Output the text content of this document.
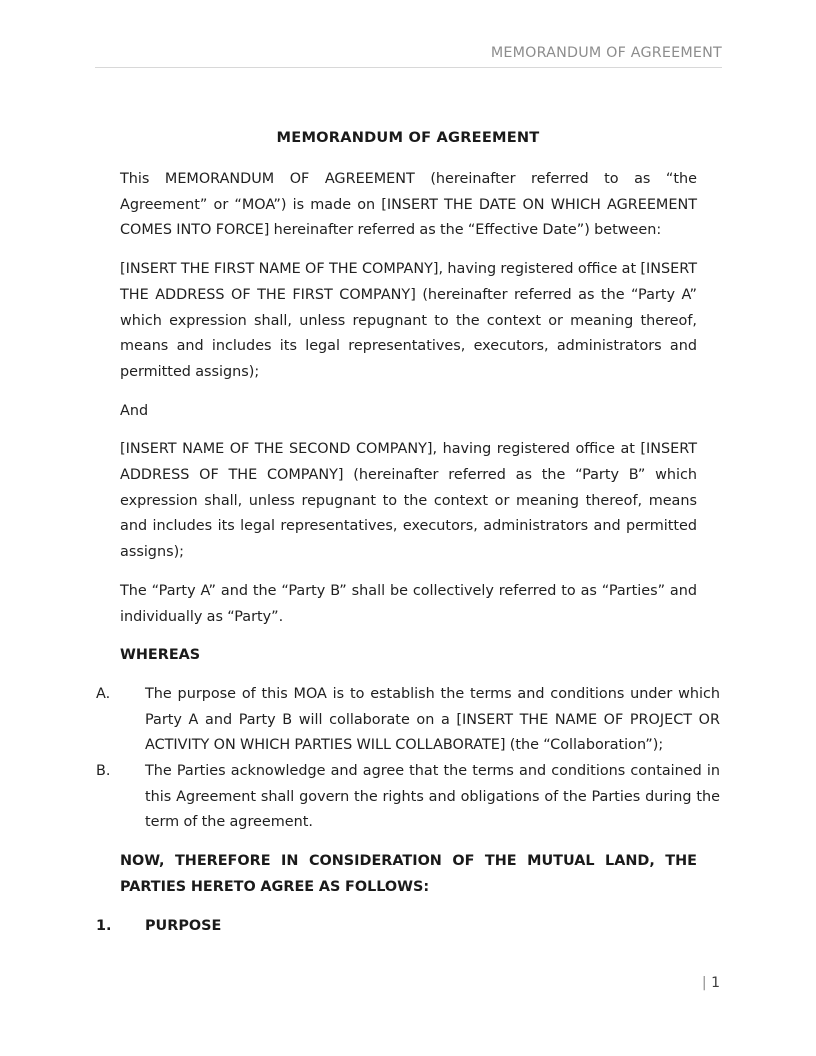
MEMORANDUM OF AGREEMENT
MEMORANDUM OF AGREEMENT

This MEMORANDUM OF AGREEMENT (hereinafter referred to as “the Agreement” or “MOA”) is made on [INSERT THE DATE ON WHICH AGREEMENT COMES INTO FORCE] hereinafter referred as the “Effective Date”) between:

[INSERT THE FIRST NAME OF THE COMPANY], having registered office at [INSERT THE ADDRESS OF THE FIRST COMPANY] (hereinafter referred as the “Party A” which expression shall, unless repugnant to the context or meaning thereof, means and includes its legal representatives, executors, administrators and permitted assigns);

And

[INSERT NAME OF THE SECOND COMPANY], having registered office at [INSERT ADDRESS OF THE COMPANY] (hereinafter referred as the “Party B” which expression shall, unless repugnant to the context or meaning thereof, means and includes its legal representatives, executors, administrators and permitted assigns);

The “Party A” and the “Party B” shall be collectively referred to as “Parties” and individually as “Party”.

WHEREAS
A.	The purpose of this MOA is to establish the terms and conditions under which Party A and Party B will collaborate on a [INSERT THE NAME OF PROJECT OR ACTIVITY ON WHICH PARTIES WILL COLLABORATE] (the “Collaboration”);
B.	The Parties acknowledge and agree that the terms and conditions contained in this Agreement shall govern the rights and obligations of the Parties during the term of the agreement.

NOW, THEREFORE IN CONSIDERATION OF THE MUTUAL LAND, THE PARTIES HERETO AGREE AS FOLLOWS:

1.	PURPOSE
| 1
